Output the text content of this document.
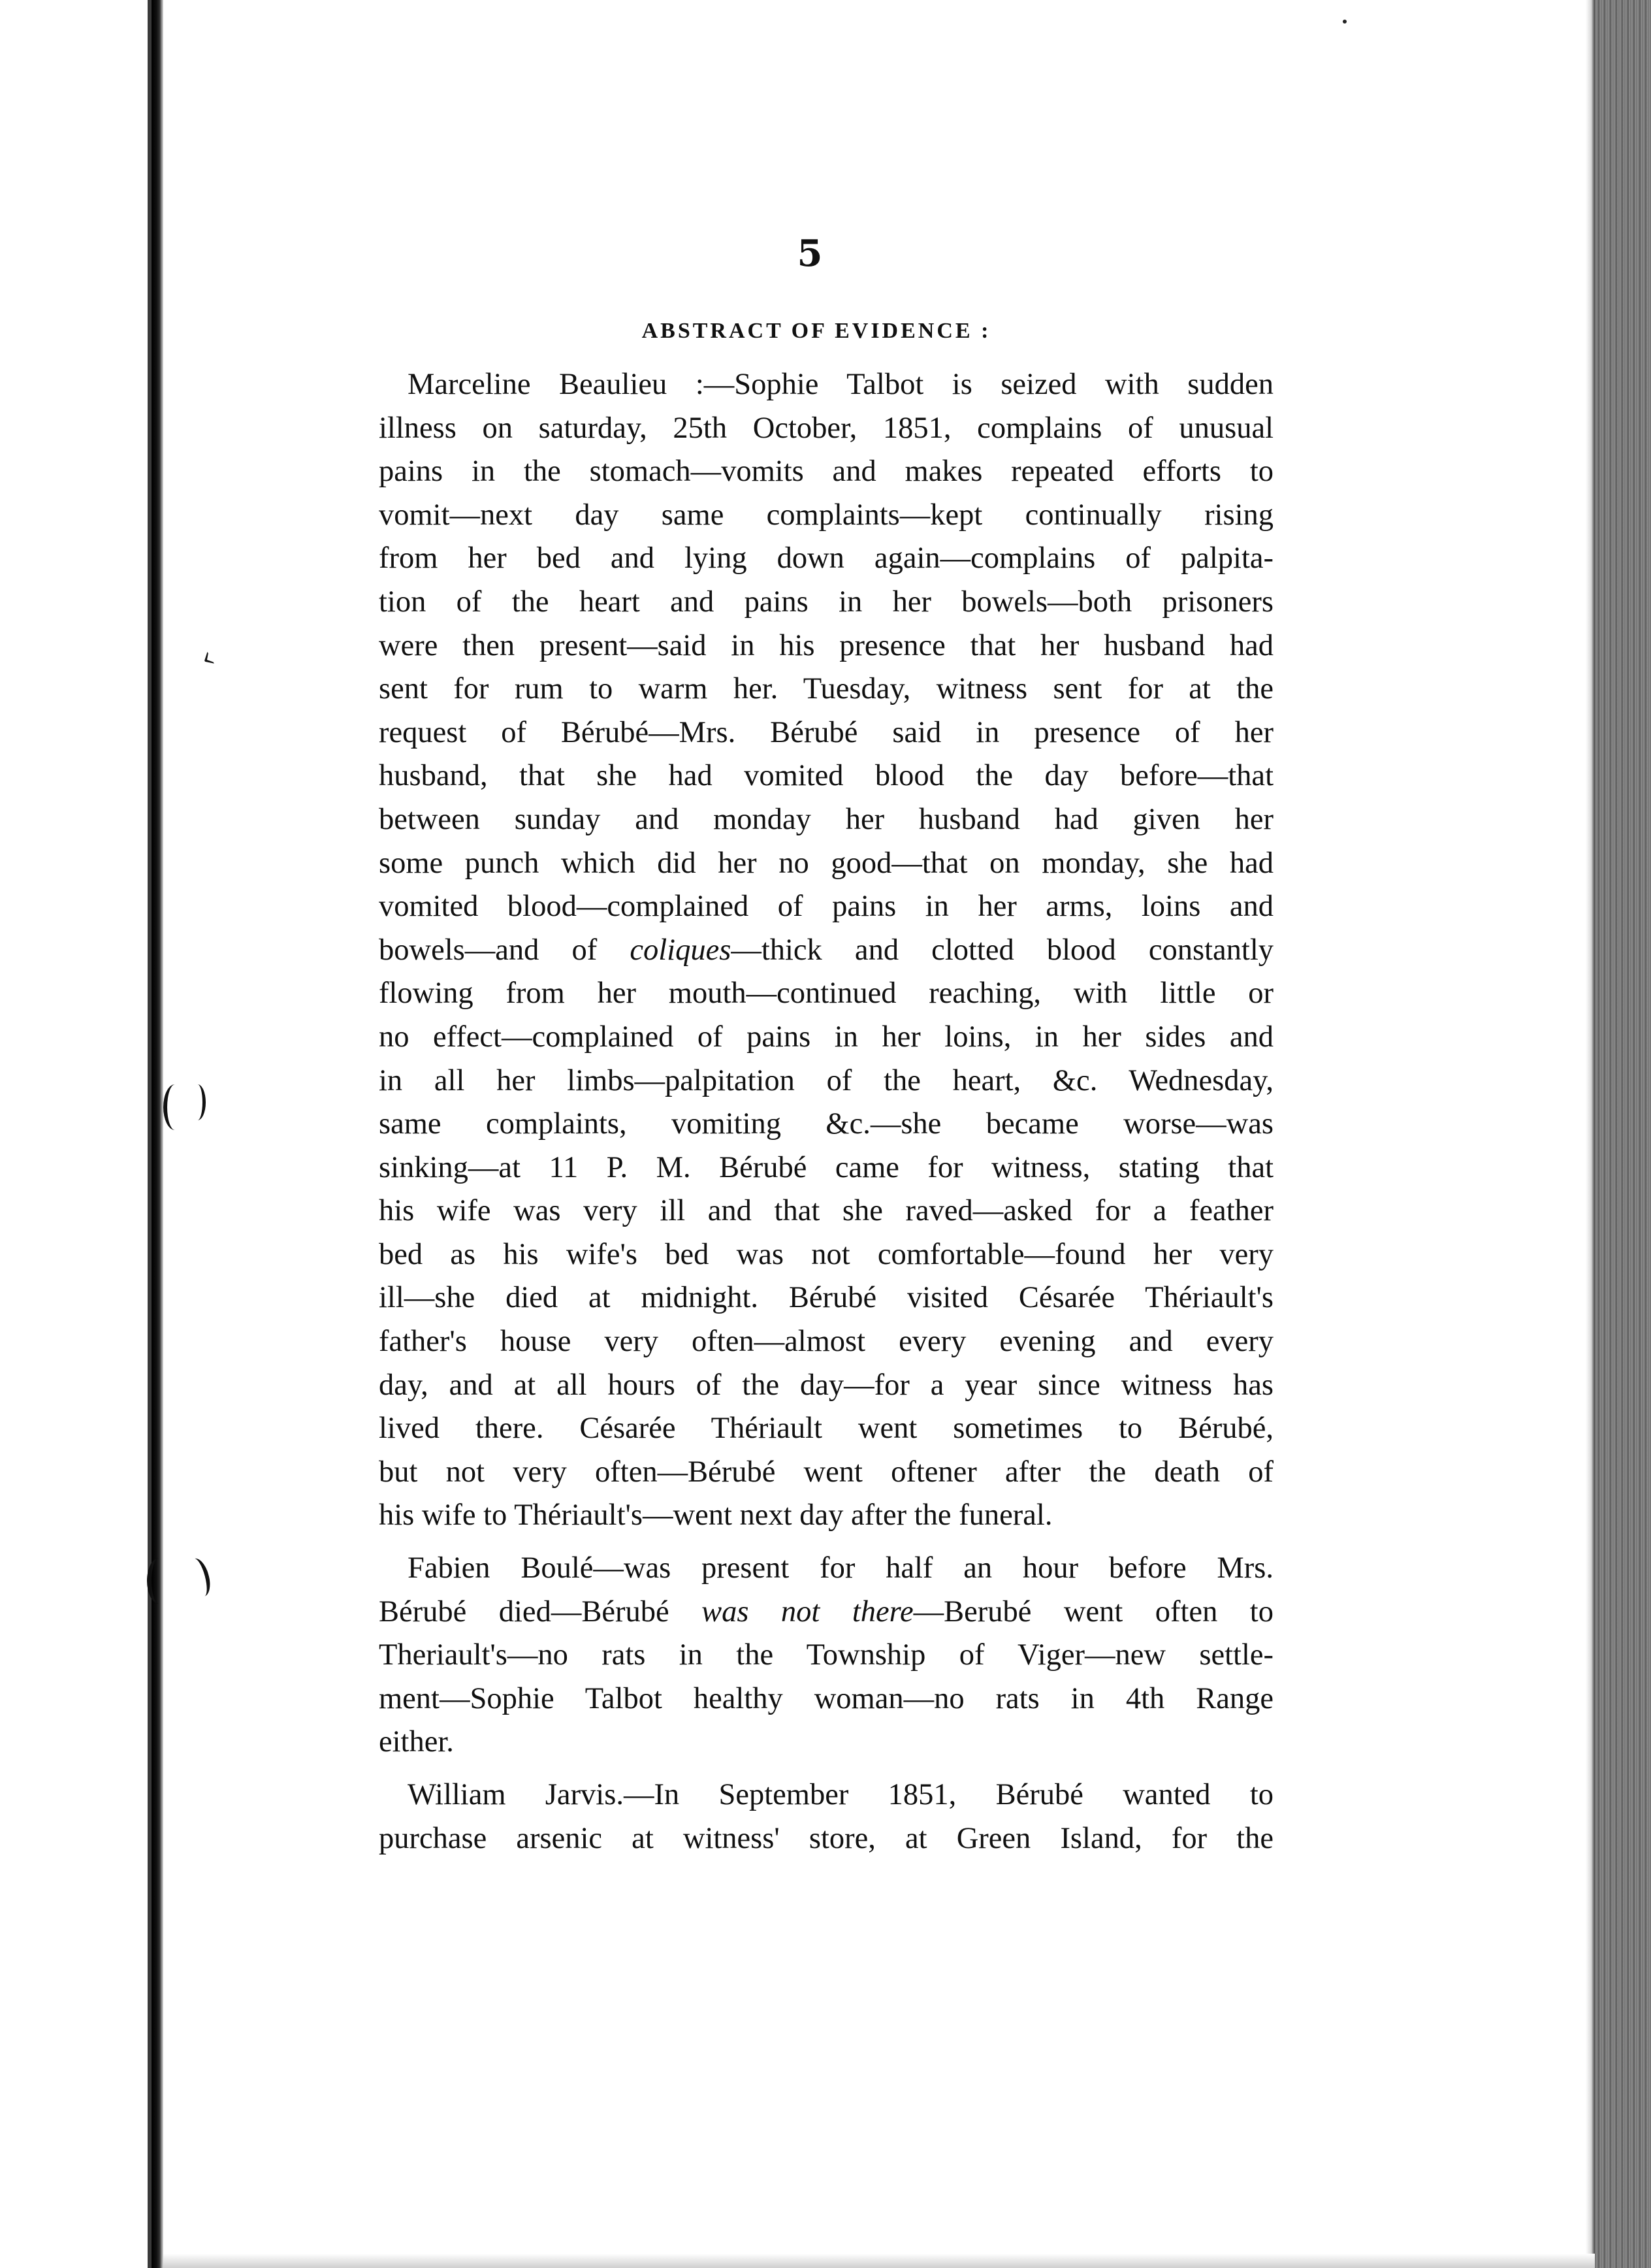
‹
5
ABSTRACT OF EVIDENCE :
Marceline Beaulieu :—Sophie Talbot is seized with sudden
illness on saturday, 25th October, 1851, complains of unusual
pains in the stomach—vomits and makes repeated efforts to
vomit—next day same complaints—kept continually rising
from her bed and lying down again—complains of palpita-
tion of the heart and pains in her bowels—both prisoners
were then present—said in his presence that her husband had
sent for rum to warm her. Tuesday, witness sent for at the
request of Bérubé—Mrs. Bérubé said in presence of her
husband, that she had vomited blood the day before—that
between sunday and monday her husband had given her
some punch which did her no good—that on monday, she had
vomited blood—complained of pains in her arms, loins and
bowels—and of coliques—thick and clotted blood constantly
flowing from her mouth—continued reaching, with little or
no effect—complained of pains in her loins, in her sides and
in all her limbs—palpitation of the heart, &c. Wednesday,
same complaints, vomiting &c.—she became worse—was
sinking—at 11 P. M. Bérubé came for witness, stating that
his wife was very ill and that she raved—asked for a feather
bed as his wife's bed was not comfortable—found her very
ill—she died at midnight. Bérubé visited Césarée Thériault's
father's house very often—almost every evening and every
day, and at all hours of the day—for a year since witness has
lived there. Césarée Thériault went sometimes to Bérubé,
but not very often—Bérubé went oftener after the death of
his wife to Thériault's—went next day after the funeral.
Fabien Boulé—was present for half an hour before Mrs.
Bérubé died—Bérubé was not there—Berubé went often to
Theriault's—no rats in the Township of Viger—new settle-
ment—Sophie Talbot healthy woman—no rats in 4th Range
either.
William Jarvis.—In September 1851, Bérubé wanted to
purchase arsenic at witness' store, at Green Island, for the
